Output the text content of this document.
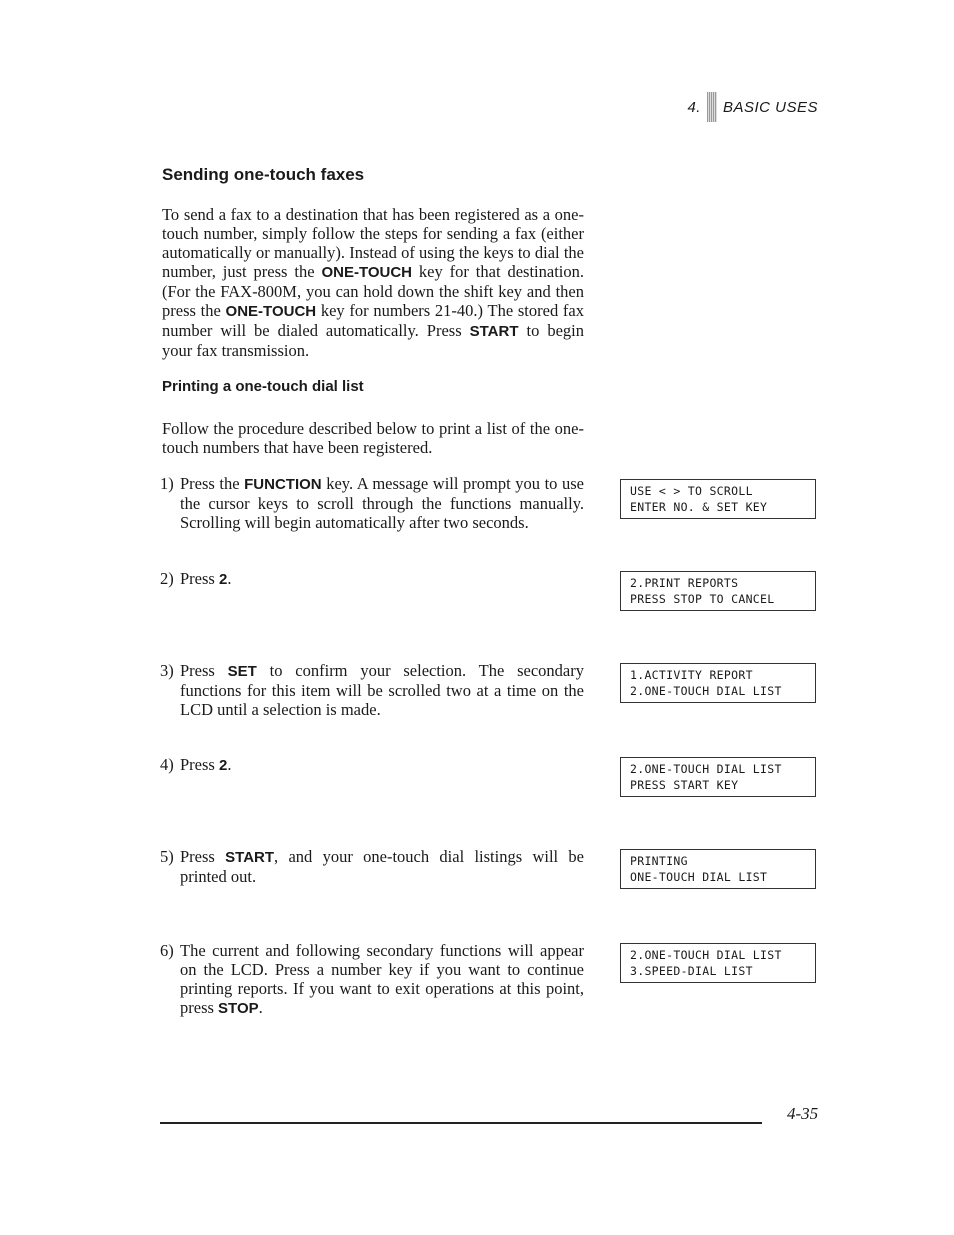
4. BASIC USES
Sending one-touch faxes
To send a fax to a destination that has been registered as a one-touch number, simply follow the steps for sending a fax (either automatically or manually). Instead of using the keys to dial the number, just press the ONE-TOUCH key for that destination. (For the FAX-800M, you can hold down the shift key and then press the ONE-TOUCH key for numbers 21-40.) The stored fax number will be dialed automatically. Press START to begin your fax transmission.
Printing a one-touch dial list
Follow the procedure described below to print a list of the one-touch numbers that have been registered.
1) Press the FUNCTION key. A message will prompt you to use the cursor keys to scroll through the functions manually. Scrolling will begin automatically after two seconds.
2) Press 2.
3) Press SET to confirm your selection. The secondary functions for this item will be scrolled two at a time on the LCD until a selection is made.
4) Press 2.
5) Press START, and your one-touch dial listings will be printed out.
6) The current and following secondary functions will appear on the LCD. Press a number key if you want to continue printing reports. If you want to exit operations at this point, press STOP.
USE < > TO SCROLL
ENTER NO. & SET KEY
2.PRINT REPORTS
PRESS STOP TO CANCEL
1.ACTIVITY REPORT
2.ONE-TOUCH DIAL LIST
2.ONE-TOUCH DIAL LIST
PRESS START KEY
PRINTING
ONE-TOUCH DIAL LIST
2.ONE-TOUCH DIAL LIST
3.SPEED-DIAL LIST
4-35
